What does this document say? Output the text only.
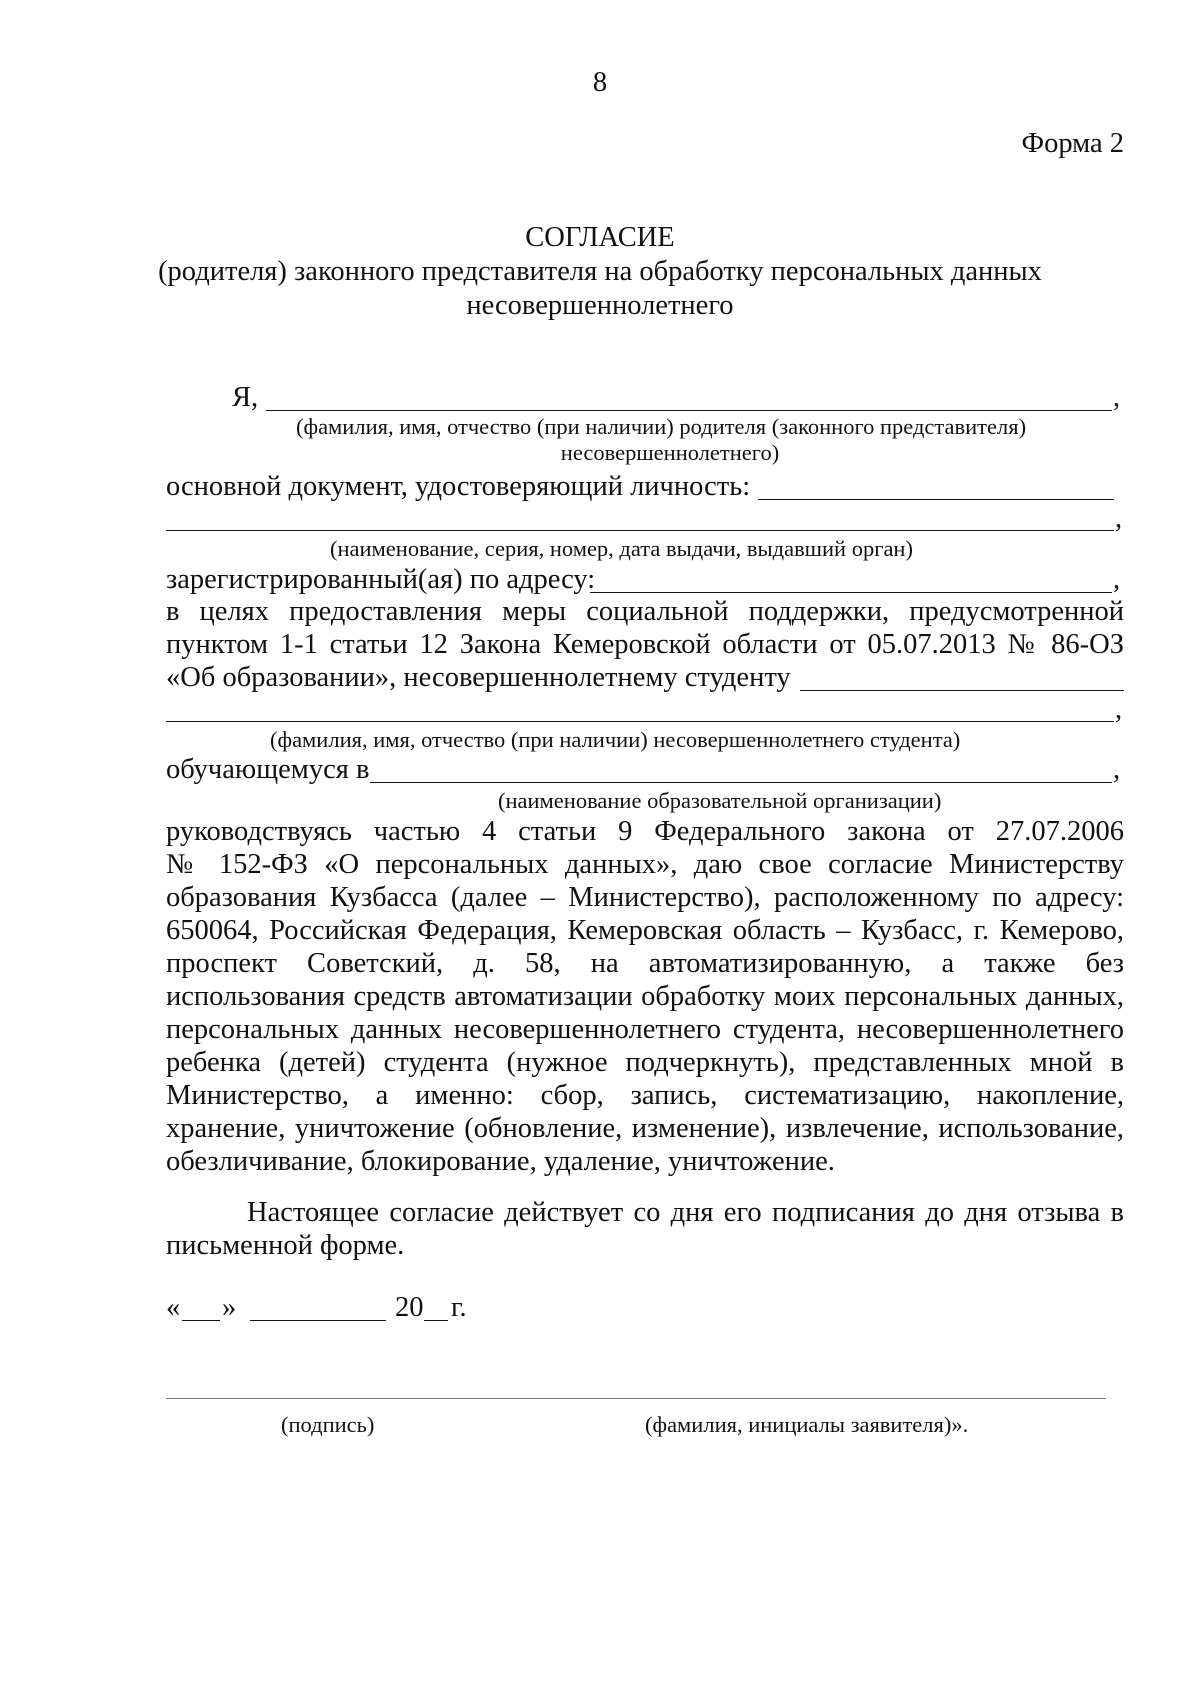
8
Форма 2
СОГЛАСИЕ
(родителя) законного представителя на обработку персональных данных
несовершеннолетнего
Я,	,
(фамилия, имя, отчество (при наличии) родителя (законного представителя)
несовершеннолетнего)
основной документ, удостоверяющий личность:
,
(наименование, серия, номер, дата выдачи, выдавший орган)
зарегистрированный(ая) по адресу:	,
в целях предоставления меры социальной поддержки, предусмотренной
пунктом 1-1 статьи 12 Закона Кемеровской области от 05.07.2013 № 86-ОЗ
«Об образовании», несовершеннолетнему студенту
,
(фамилия, имя, отчество (при наличии) несовершеннолетнего студента)
обучающемуся в	,
(наименование образовательной организации)
руководствуясь частью 4 статьи 9 Федерального закона от 27.07.2006
№ 152-ФЗ «О персональных данных», даю свое согласие Министерству
образования Кузбасса (далее – Министерство), расположенному по адресу:
650064, Российская Федерация, Кемеровская область – Кузбасс, г. Кемерово,
проспект Советский, д. 58, на автоматизированную, а также без
использования средств автоматизации обработку моих персональных данных,
персональных данных несовершеннолетнего студента, несовершеннолетнего
ребенка (детей) студента (нужное подчеркнуть), представленных мной в
Министерство, а именно: сбор, запись, систематизацию, накопление,
хранение, уничтожение (обновление, изменение), извлечение, использование,
обезличивание, блокирование, удаление, уничтожение.
Настоящее согласие действует со дня его подписания до дня отзыва в
письменной форме.
« »	20 г.
(подпись)	(фамилия, инициалы заявителя)».
